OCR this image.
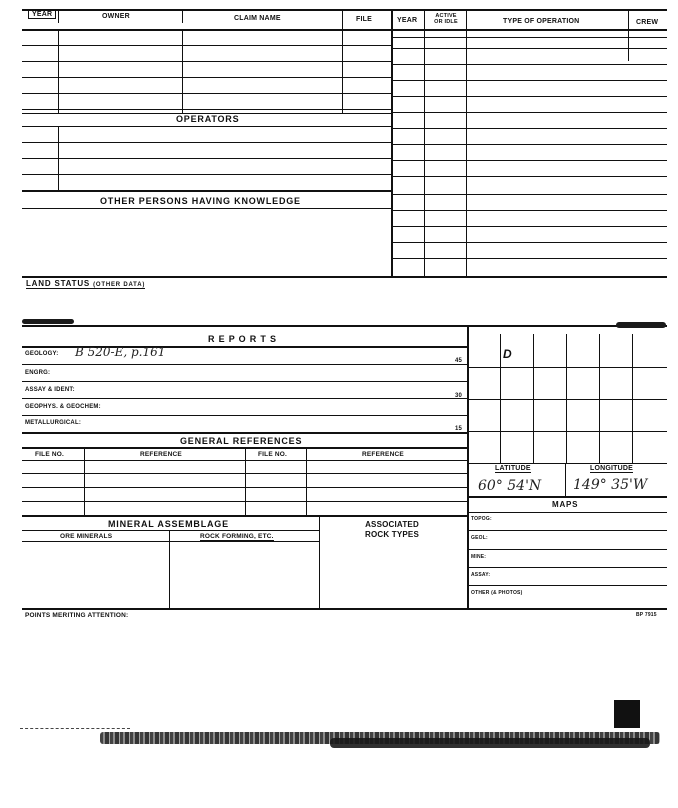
YEAR	OWNER	CLAIM NAME	FILE	YEAR
ACTIVE
OR IDLE	TYPE OF OPERATION	CREW
OPERATORS
OTHER PERSONS HAVING KNOWLEDGE
LAND STATUS (OTHER DATA)
R E P O R T S
GEOLOGY: B 520-E, p.161
45
ENGRG:
ASSAY & IDENT:
30
GEOPHYS. & GEOCHEM:
METALLURGICAL:
15
D
LATITUDE	LONGITUDE
60° 54'N 149° 35'W
MAPS
TOPOG:
GEOL:
MINE:
ASSAY:
OTHER (& PHOTOS)
GENERAL REFERENCES
FILE NO.	REFERENCE	FILE NO.	REFERENCE
MINERAL ASSEMBLAGE
ORE MINERALS	ROCK FORMING, ETC.
ASSOCIATED
ROCK TYPES
POINTS MERITING ATTENTION:	BP 7915
